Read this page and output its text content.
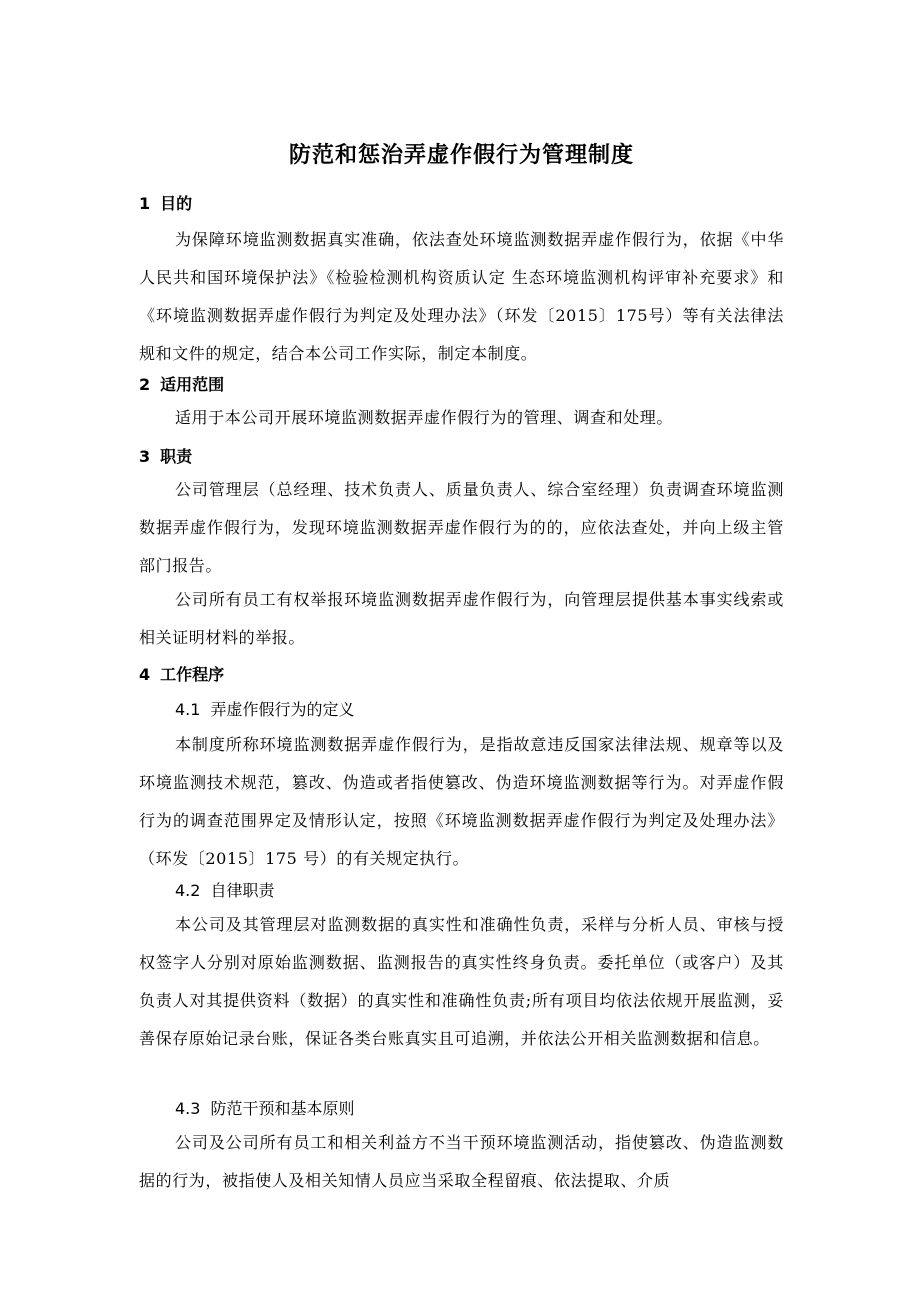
防范和惩治弄虚作假行为管理制度
1 目的
为保障环境监测数据真实准确，依法查处环境监测数据弄虚作假行为，依据《中华人民共和国环境保护法》《检验检测机构资质认定 生态环境监测机构评审补充要求》和《环境监测数据弄虚作假行为判定及处理办法》（环发〔2015〕175号）等有关法律法规和文件的规定，结合本公司工作实际，制定本制度。
2 适用范围
适用于本公司开展环境监测数据弄虚作假行为的管理、调查和处理。
3 职责
公司管理层（总经理、技术负责人、质量负责人、综合室经理）负责调查环境监测数据弄虚作假行为，发现环境监测数据弄虚作假行为的的，应依法查处，并向上级主管部门报告。
公司所有员工有权举报环境监测数据弄虚作假行为，向管理层提供基本事实线索或相关证明材料的举报。
4 工作程序
4.1 弄虚作假行为的定义
本制度所称环境监测数据弄虚作假行为，是指故意违反国家法律法规、规章等以及环境监测技术规范，篡改、伪造或者指使篡改、伪造环境监测数据等行为。对弄虚作假行为的调查范围界定及情形认定，按照《环境监测数据弄虚作假行为判定及处理办法》（环发〔2015〕175 号）的有关规定执行。
4.2 自律职责
本公司及其管理层对监测数据的真实性和准确性负责，采样与分析人员、审核与授权签字人分别对原始监测数据、监测报告的真实性终身负责。委托单位（或客户）及其负责人对其提供资料（数据）的真实性和准确性负责;所有项目均依法依规开展监测，妥善保存原始记录台账，保证各类台账真实且可追溯，并依法公开相关监测数据和信息。
4.3 防范干预和基本原则
公司及公司所有员工和相关利益方不当干预环境监测活动，指使篡改、伪造监测数据的行为，被指使人及相关知情人员应当采取全程留痕、依法提取、介质
